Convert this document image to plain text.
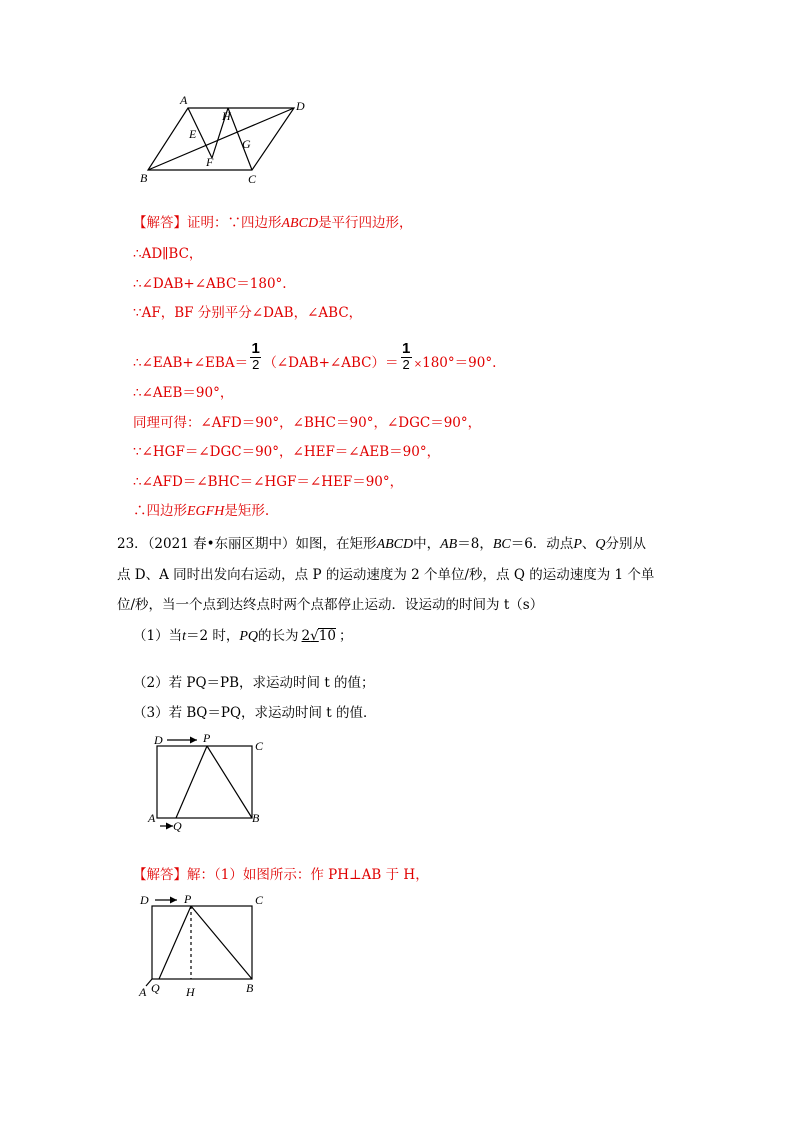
A	D
H
E
G
F
B	C
【解答】证明：∵四边形ABCD是平行四边形，
∴AD∥BC，
∴∠DAB+∠ABC＝180°.
∵AF，BF 分别平分∠DAB，∠ABC，
∴∠EAB+∠EBA＝ $\frac{1}{2}$ （∠DAB+∠ABC）＝ $\frac{1}{2} \times 180^\circ=90^\circ$.
∴∠AEB＝90°，
同理可得：∠AFD＝90°，∠BHC＝90°，∠DGC＝90°，
∵∠HGF＝∠DGC＝90°，∠HEF＝∠AEB＝90°，
∴∠AFD＝∠BHC＝∠HGF＝∠HEF＝90°，
∴四边形EGFH是矩形.
23．（2021 春•东丽区期中）如图，在矩形ABCD中，AB＝8，BC＝6．动点P、Q分别从
点 D、A 同时出发向右运动，点 P 的运动速度为 2 个单位/秒，点 Q 的运动速度为 1 个单
位/秒，当一个点到达终点时两个点都停止运动．设运动的时间为 t（s）
（1）当t＝2 时，PQ的长为 2√10 ；
（2）若 PQ＝PB，求运动时间 t 的值；
（3）若 BQ＝PQ，求运动时间 t 的值．
D	P
C
A
Q
B
【解答】解：（1）如图所示：作 PH⊥AB 于 H，
D	P	C
A Q H	B
